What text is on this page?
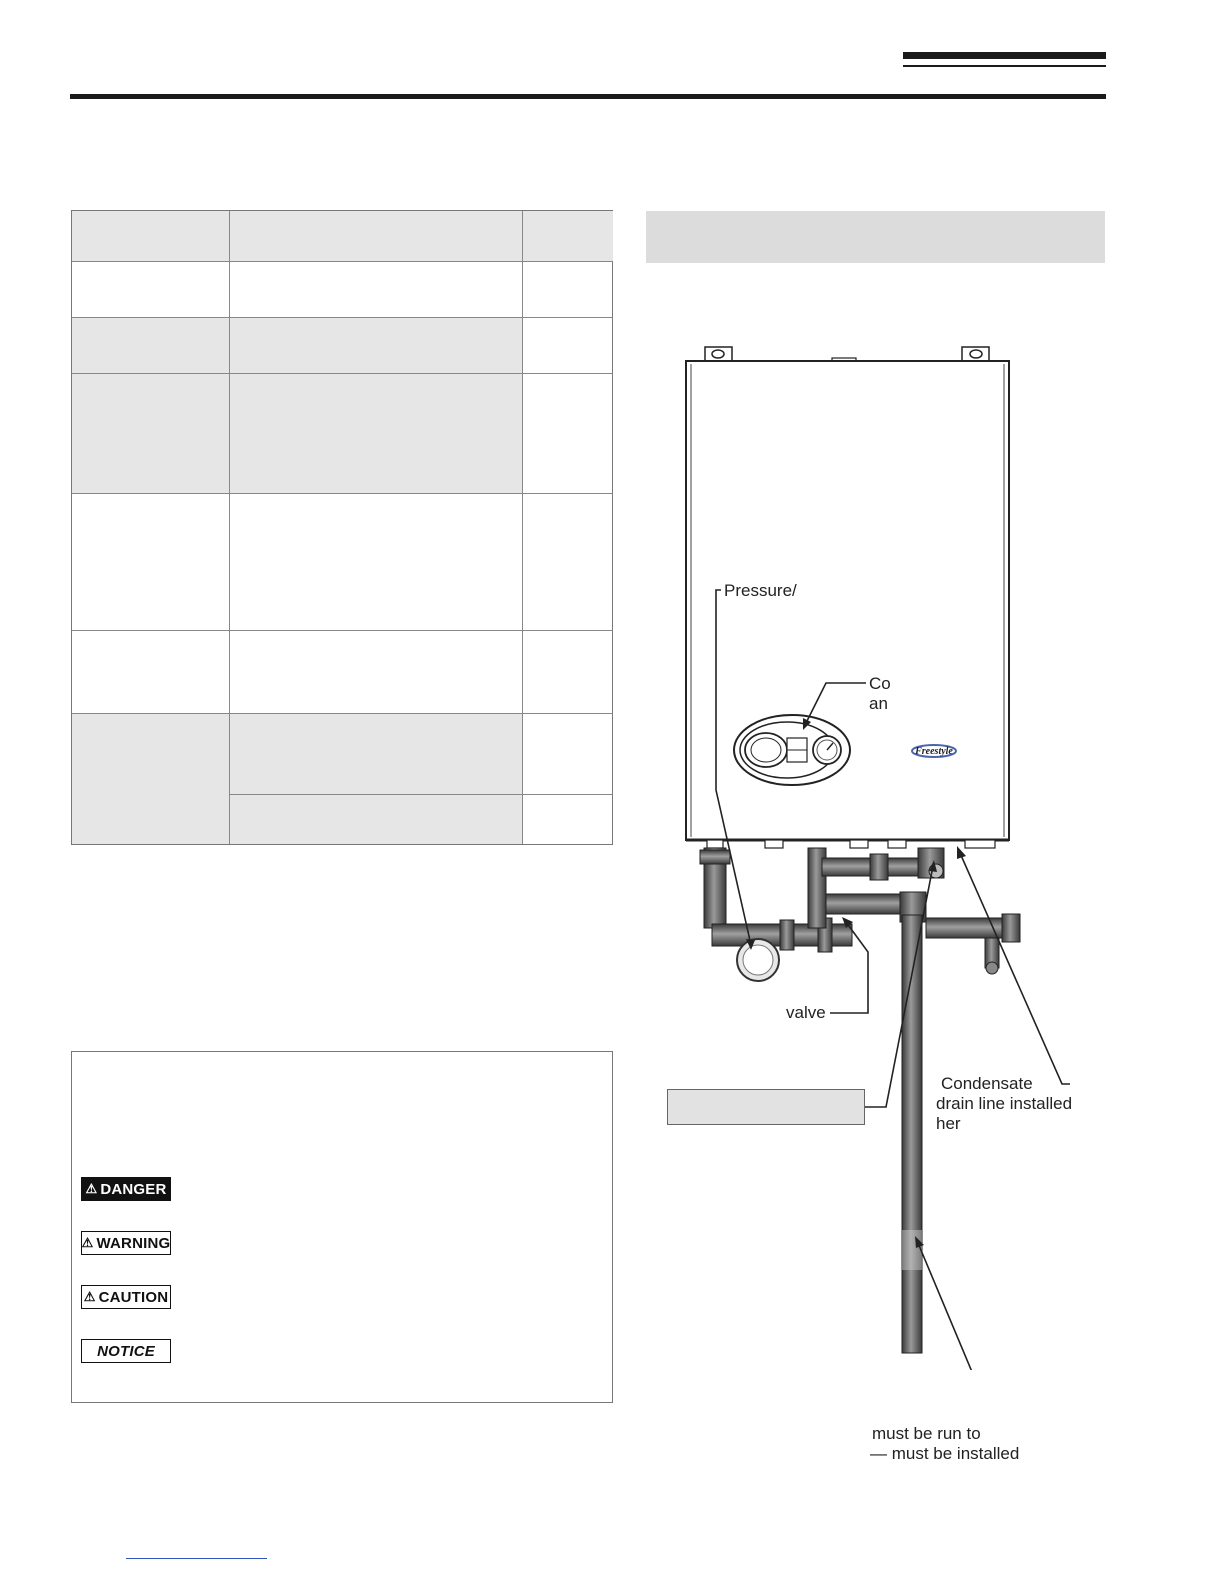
Freestyle
Pressure/
Co
an
valve
Condensate
drain line installed
her
must be run to
— must be installed
⚠ DANGER
⚠ WARNING
⚠ CAUTION
NOTICE
